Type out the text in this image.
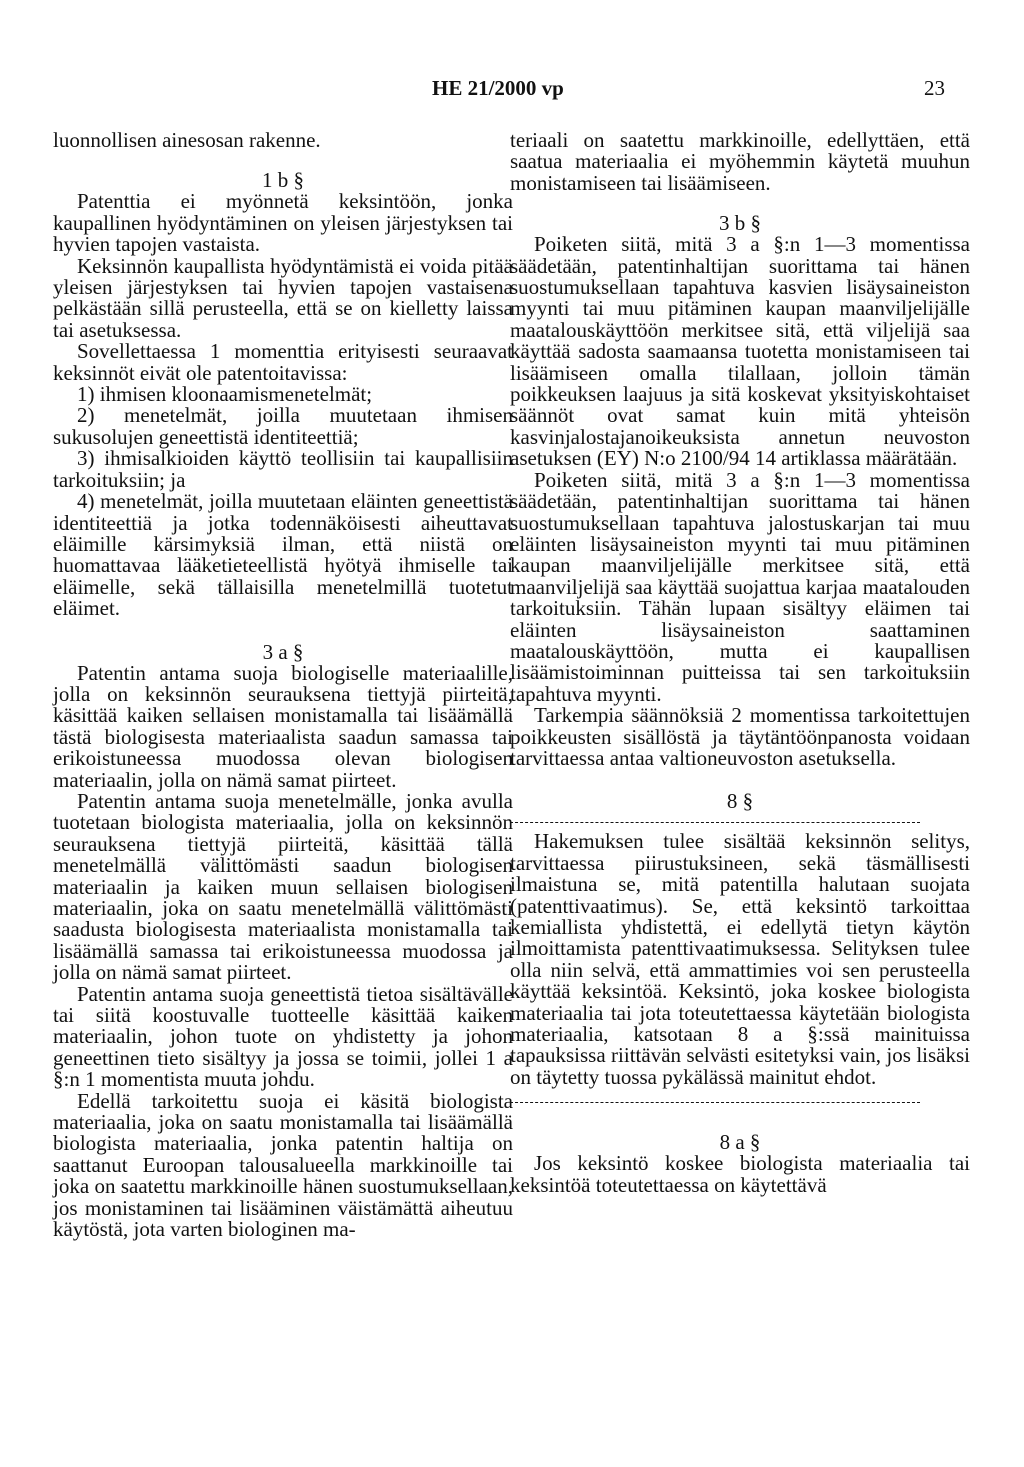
HE 21/2000 vp	23

luonnollisen ainesosan rakenne.

1 b §

Patenttia ei myönnetä keksintöön, jonka kaupallinen hyödyntäminen on yleisen järjestyksen tai hyvien tapojen vastaista.

Keksinnön kaupallista hyödyntämistä ei voida pitää yleisen järjestyksen tai hyvien tapojen vastaisena pelkästään sillä perusteella, että se on kielletty laissa tai asetuksessa.

Sovellettaessa 1 momenttia erityisesti seuraavat keksinnöt eivät ole patentoitavissa:

1) ihmisen kloonaamismenetelmät;

2) menetelmät, joilla muutetaan ihmisen sukusolujen geneettistä identiteettiä;

3) ihmisalkioiden käyttö teollisiin tai kaupallisiin tarkoituksiin; ja

4) menetelmät, joilla muutetaan eläinten geneettistä identiteettiä ja jotka todennäköisesti aiheuttavat eläimille kärsimyksiä ilman, että niistä on huomattavaa lääketieteellistä hyötyä ihmiselle tai eläimelle, sekä tällaisilla menetelmillä tuotetut eläimet.

3 a §

Patentin antama suoja biologiselle materiaalille, jolla on keksinnön seurauksena tiettyjä piirteitä, käsittää kaiken sellaisen monistamalla tai lisäämällä tästä biologisesta materiaalista saadun samassa tai erikoistuneessa muodossa olevan biologisen materiaalin, jolla on nämä samat piirteet.

Patentin antama suoja menetelmälle, jonka avulla tuotetaan biologista materiaalia, jolla on keksinnön seurauksena tiettyjä piirteitä, käsittää tällä menetelmällä välittömästi saadun biologisen materiaalin ja kaiken muun sellaisen biologisen materiaalin, joka on saatu menetelmällä välittömästi saadusta biologisesta materiaalista monistamalla tai lisäämällä samassa tai erikoistuneessa muodossa ja jolla on nämä samat piirteet.

Patentin antama suoja geneettistä tietoa sisältävälle tai siitä koostuvalle tuotteelle käsittää kaiken materiaalin, johon tuote on yhdistetty ja johon geneettinen tieto sisältyy ja jossa se toimii, jollei 1 a §:n 1 momentista muuta johdu.

Edellä tarkoitettu suoja ei käsitä biologista materiaalia, joka on saatu monistamalla tai lisäämällä biologista materiaalia, jonka patentin haltija on saattanut Euroopan talousalueella markkinoille tai joka on saatettu markkinoille hänen suostumuksellaan, jos monistaminen tai lisääminen väistämättä aiheutuu käytöstä, jota varten biologinen ma-

teriaali on saatettu markkinoille, edellyttäen, että saatua materiaalia ei myöhemmin käytetä muuhun monistamiseen tai lisäämiseen.

3 b §

Poiketen siitä, mitä 3 a §:n 1—3 momentissa säädetään, patentinhaltijan suorittama tai hänen suostumuksellaan tapahtuva kasvien lisäysaineiston myynti tai muu pitäminen kaupan maanviljelijälle maatalouskäyttöön merkitsee sitä, että viljelijä saa käyttää sadosta saamaansa tuotetta monistamiseen tai lisäämiseen omalla tilallaan, jolloin tämän poikkeuksen laajuus ja sitä koskevat yksityiskohtaiset säännöt ovat samat kuin mitä yhteisön kasvinjalostajanoikeuksista annetun neuvoston asetuksen (EY) N:o 2100/94 14 artiklassa määrätään.

Poiketen siitä, mitä 3 a §:n 1—3 momentissa säädetään, patentinhaltijan suorittama tai hänen suostumuksellaan tapahtuva jalostuskarjan tai muu eläinten lisäysaineiston myynti tai muu pitäminen kaupan maanviljelijälle merkitsee sitä, että maanviljelijä saa käyttää suojattua karjaa maatalouden tarkoituksiin. Tähän lupaan sisältyy eläimen tai eläinten lisäysaineiston saattaminen maatalouskäyttöön, mutta ei kaupallisen lisäämistoiminnan puitteissa tai sen tarkoituksiin tapahtuva myynti.

Tarkempia säännöksiä 2 momentissa tarkoitettujen poikkeusten sisällöstä ja täytäntöönpanosta voidaan tarvittaessa antaa valtioneuvoston asetuksella.

8 §

Hakemuksen tulee sisältää keksinnön selitys, tarvittaessa piirustuksineen, sekä täsmällisesti ilmaistuna se, mitä patentilla halutaan suojata (patenttivaatimus). Se, että keksintö tarkoittaa kemiallista yhdistettä, ei edellytä tietyn käytön ilmoittamista patenttivaatimuksessa. Selityksen tulee olla niin selvä, että ammattimies voi sen perusteella käyttää keksintöä. Keksintö, joka koskee biologista materiaalia tai jota toteutettaessa käytetään biologista materiaalia, katsotaan 8 a §:ssä mainituissa tapauksissa riittävän selvästi esitetyksi vain, jos lisäksi on täytetty tuossa pykälässä mainitut ehdot.

8 a §

Jos keksintö koskee biologista materiaalia tai keksintöä toteutettaessa on käytettävä
